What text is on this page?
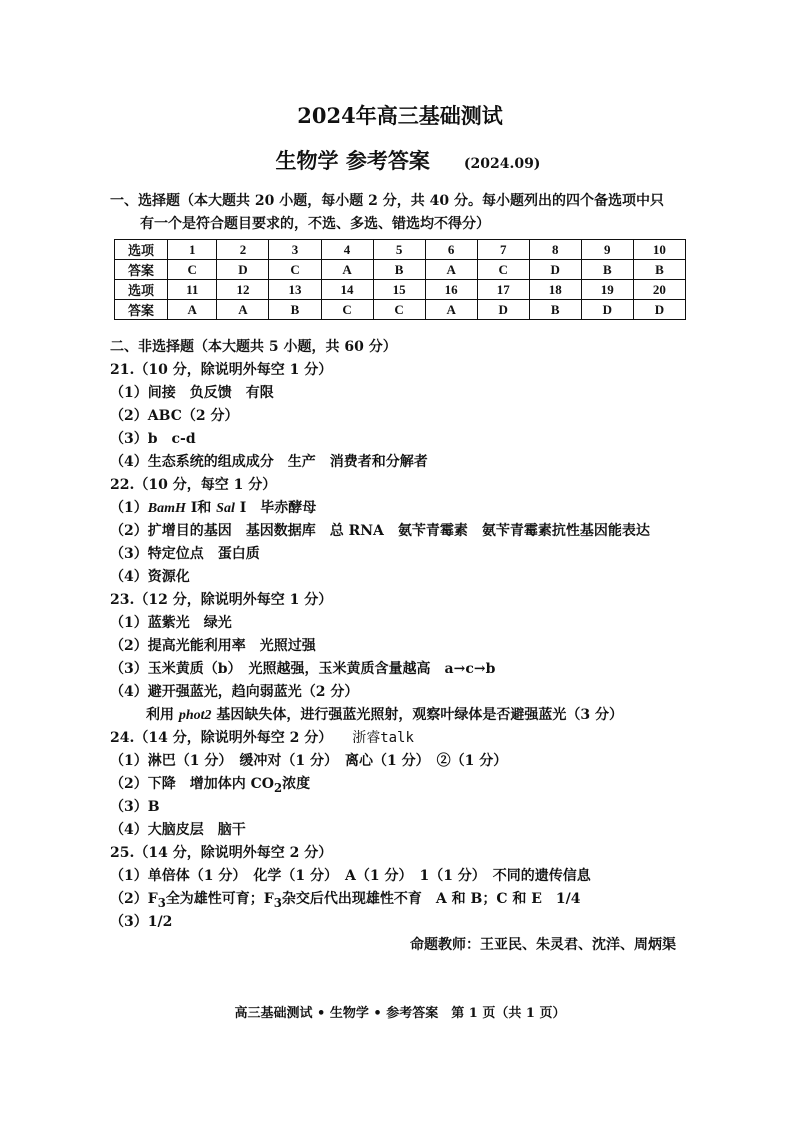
2024年高三基础测试
生物学 参考答案 (2024.09)
一、选择题（本大题共 20 小题，每小题 2 分，共 40 分。每小题列出的四个备选项中只
有一个是符合题目要求的，不选、多选、错选均不得分）
选项	1	2	3	4	5	6	7	8	9	10
答案	C	D	C	A	B	A	C	D	B	B
选项	11	12	13	14	15	16	17	18	19	20
答案	A	A	B	C	C	A	D	B	D	D
二、非选择题（本大题共 5 小题，共 60 分）
21.（10 分，除说明外每空 1 分）
（1）间接　负反馈　有限
（2）ABC（2 分）
（3）b　c-d
（4）生态系统的组成成分　生产　消费者和分解者
22.（10 分，每空 1 分）
（1）BamH Ⅰ和 Sal Ⅰ　毕赤酵母
（2）扩增目的基因　基因数据库　总 RNA　氨苄青霉素　氨苄青霉素抗性基因能表达
（3）特定位点　蛋白质
（4）资源化
23.（12 分，除说明外每空 1 分）
（1）蓝紫光　绿光
（2）提高光能利用率　光照过强
（3）玉米黄质（b）　光照越强，玉米黄质含量越高　a→c→b
（4）避开强蓝光，趋向弱蓝光（2 分）
利用 phot2 基因缺失体，进行强蓝光照射，观察叶绿体是否避强蓝光（3 分）
24.（14 分，除说明外每空 2 分） 浙睿talk
（1）淋巴（1 分）　缓冲对（1 分）　离心（1 分）　②（1 分）
（2）下降　增加体内 $CO_2$浓度
（3）B
（4）大脑皮层　脑干
25.（14 分，除说明外每空 2 分）
（1）单倍体（1 分）　化学（1 分）　A（1 分）　1（1 分）　不同的遗传信息
$(2)F_3$全为雄性可育；$F_3$杂交后代出现雄性不育　A 和 B；C 和 E　1/4
（3）1/2
命题教师：王亚民、朱灵君、沈洋、周炳渠
高三基础测试 • 生物学 • 参考答案　第 1 页（共 1 页）
